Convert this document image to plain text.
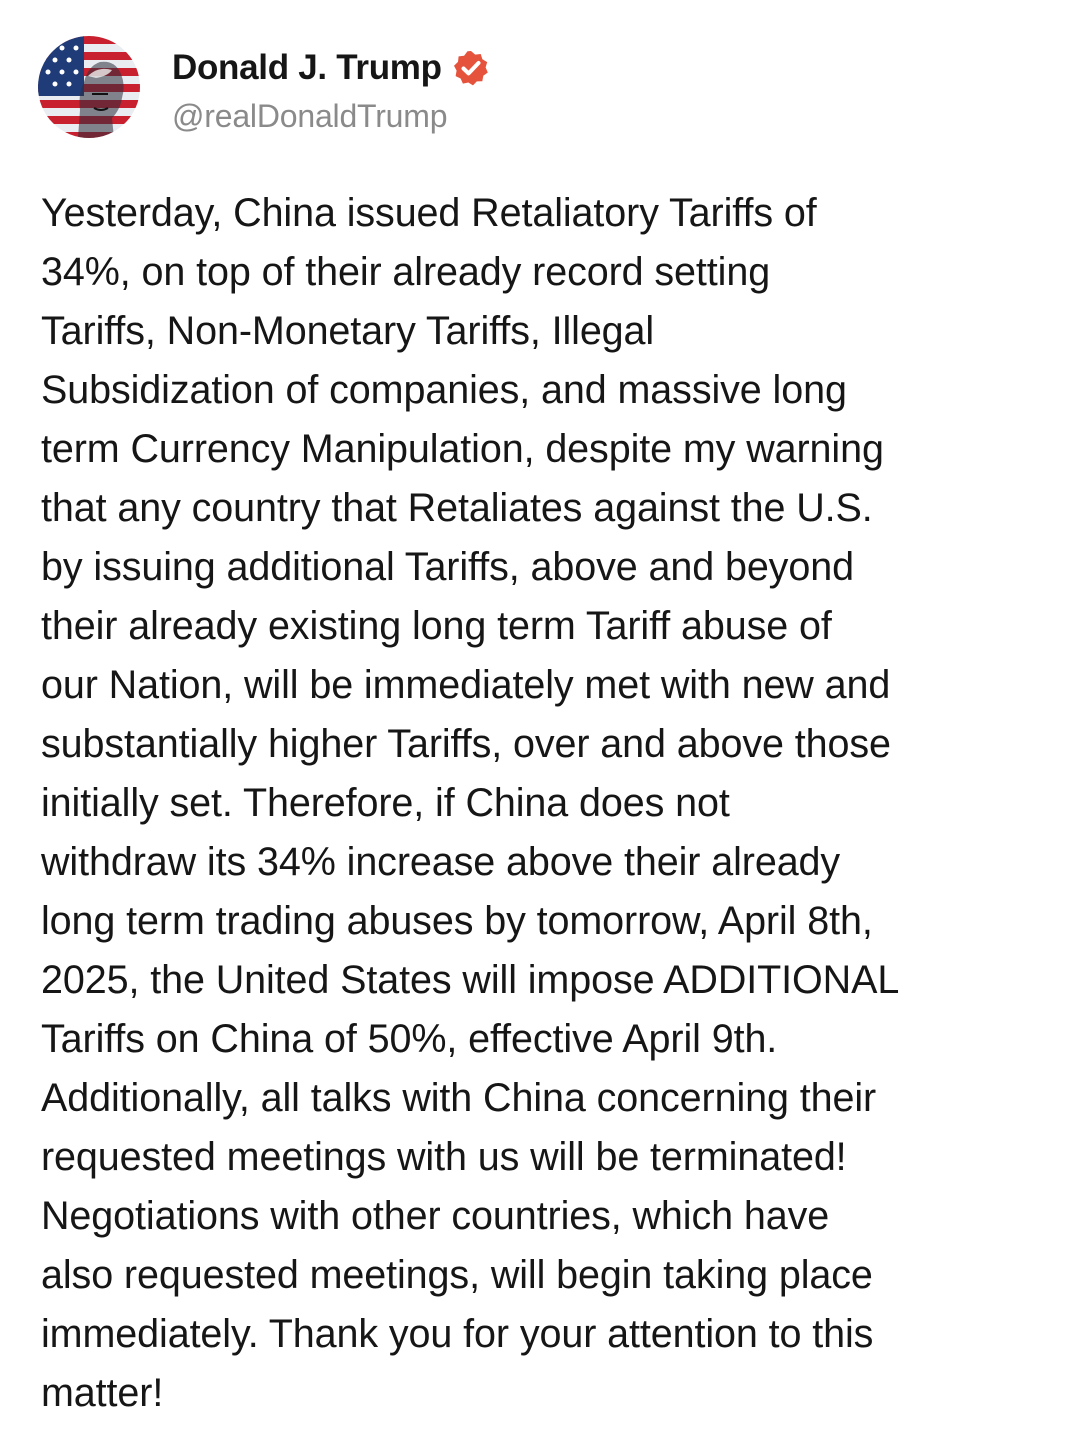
Donald J. Trump
@realDonaldTrump

Yesterday, China issued Retaliatory Tariffs of
34%, on top of their already record setting
Tariffs, Non-Monetary Tariffs, Illegal
Subsidization of companies, and massive long
term Currency Manipulation, despite my warning
that any country that Retaliates against the U.S.
by issuing additional Tariffs, above and beyond
their already existing long term Tariff abuse of
our Nation, will be immediately met with new and
substantially higher Tariffs, over and above those
initially set. Therefore, if China does not
withdraw its 34% increase above their already
long term trading abuses by tomorrow, April 8th,
2025, the United States will impose ADDITIONAL
Tariffs on China of 50%, effective April 9th.
Additionally, all talks with China concerning their
requested meetings with us will be terminated!
Negotiations with other countries, which have
also requested meetings, will begin taking place
immediately. Thank you for your attention to this
matter!
